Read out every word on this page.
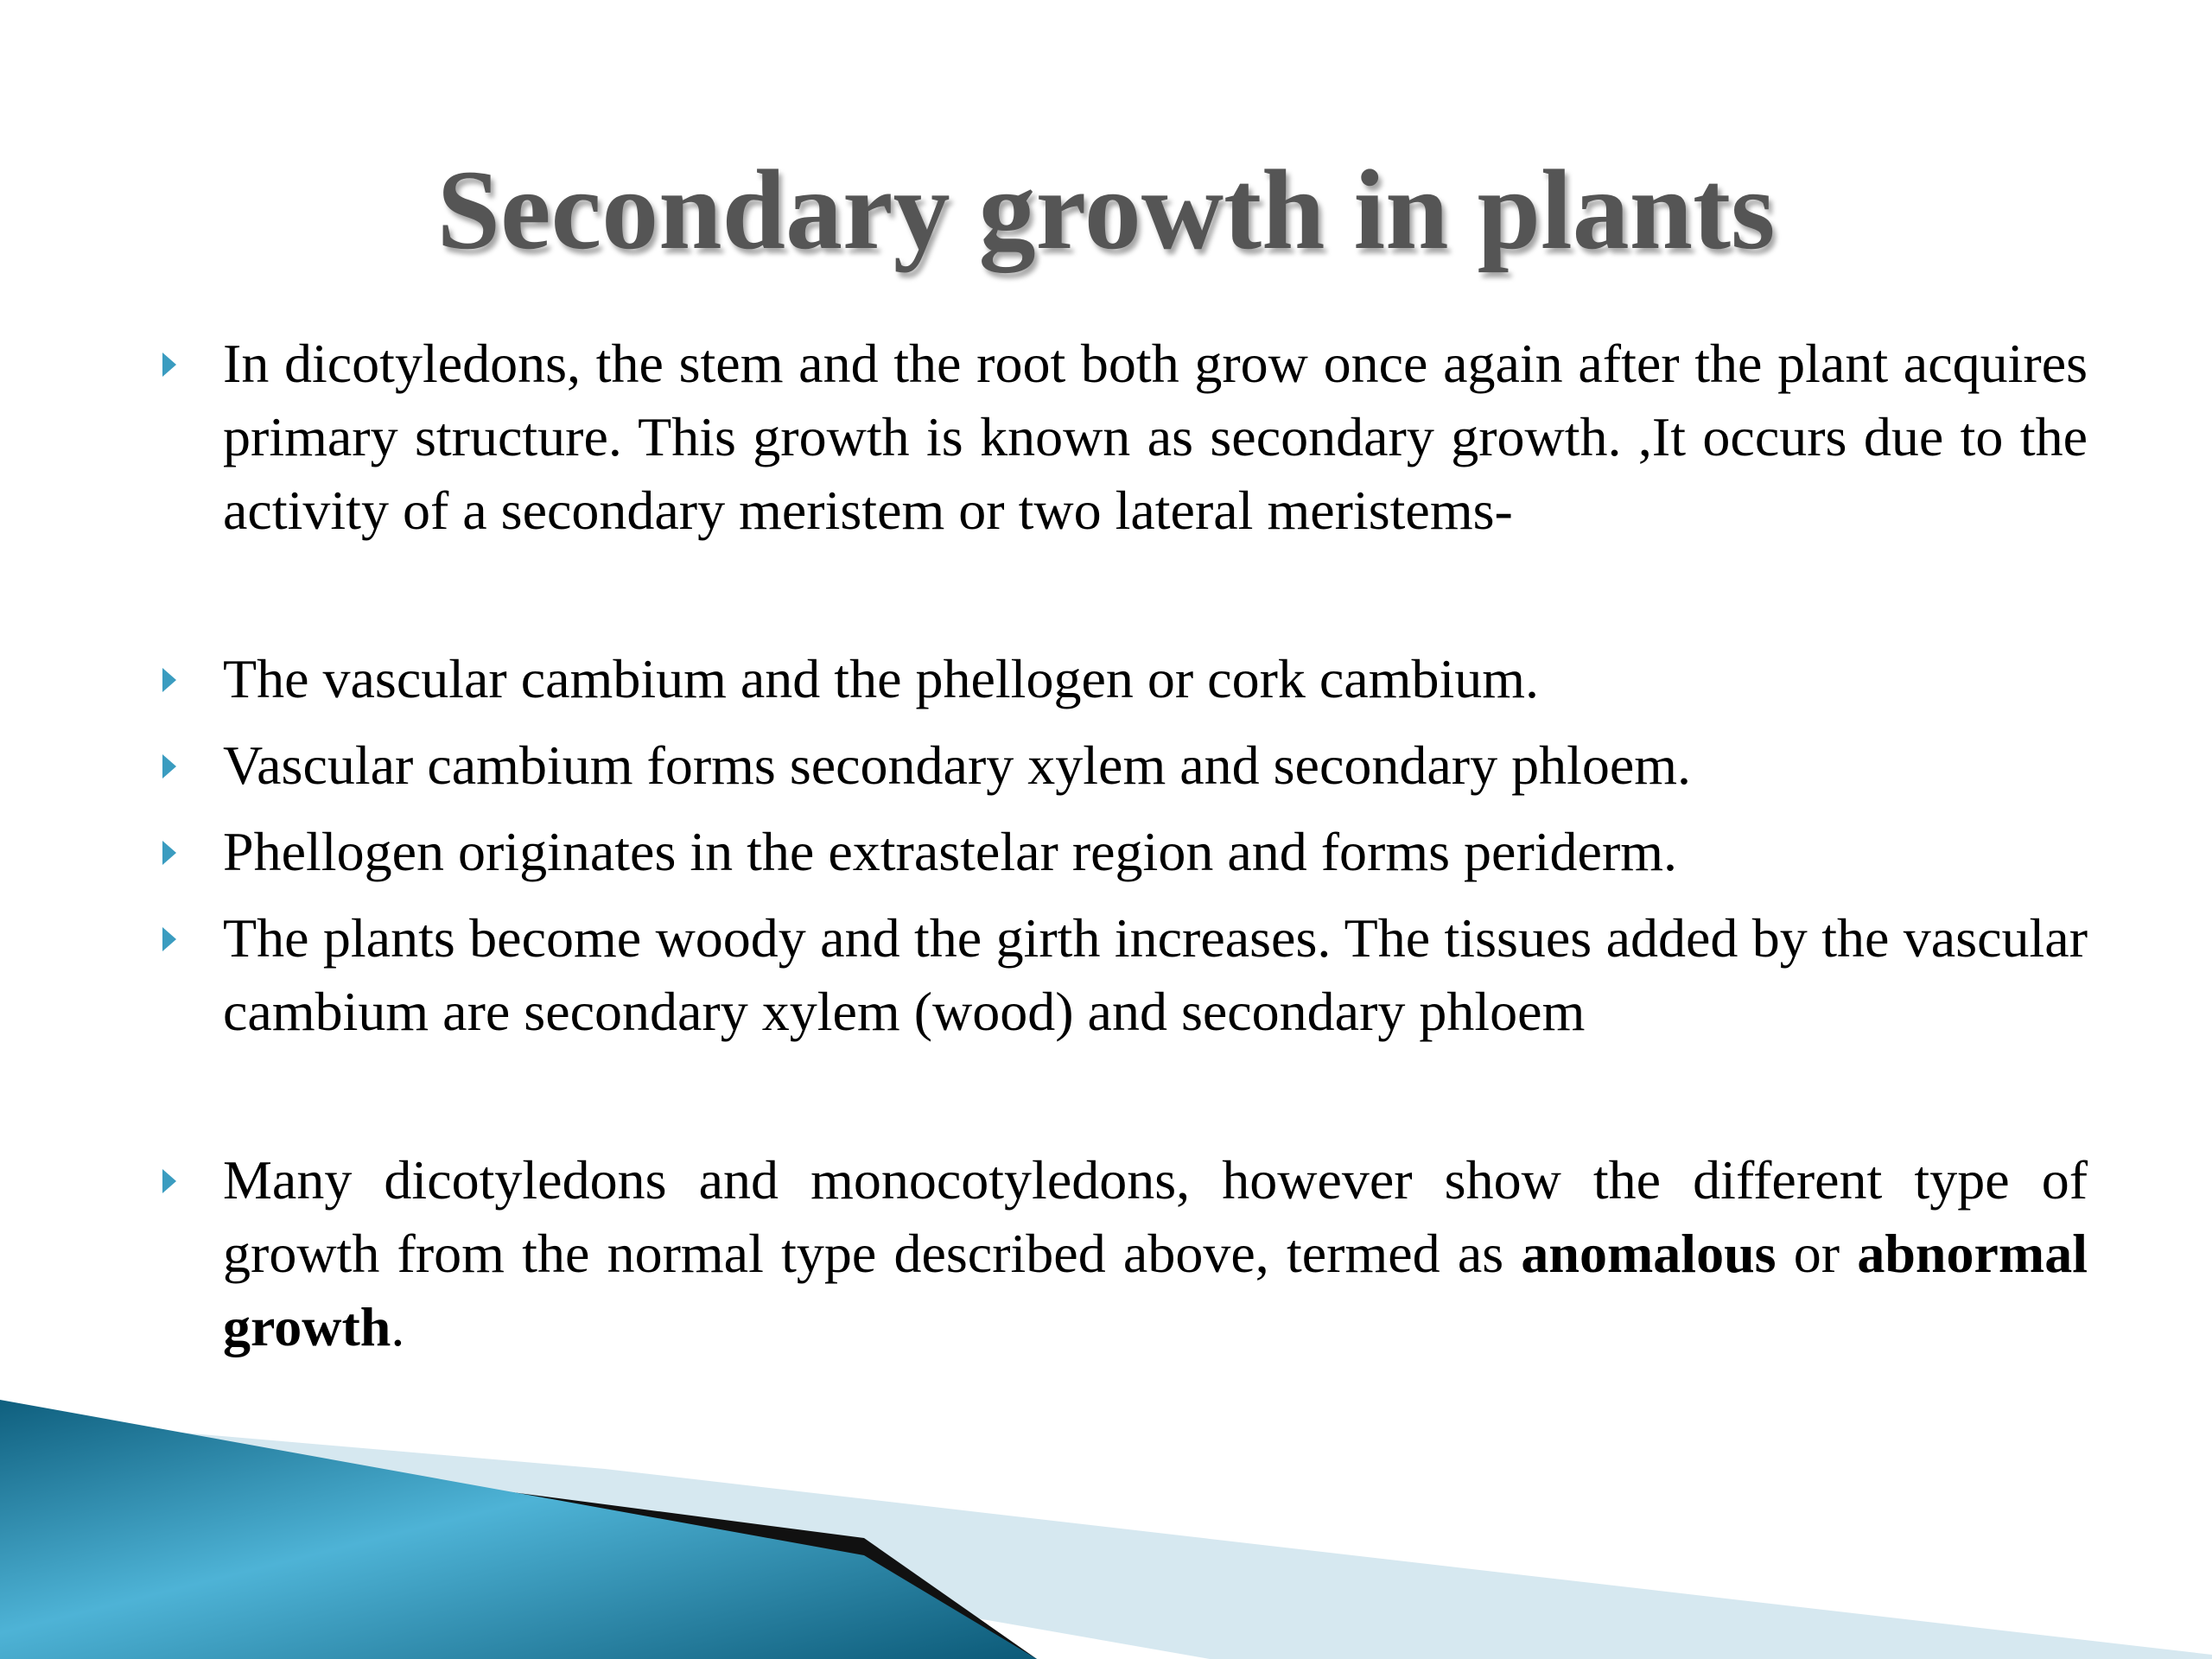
Secondary growth in plants
In dicotyledons, the stem and the root both grow once again after the plant acquires primary structure. This growth is known as secondary growth. ,It occurs due to the activity of a secondary meristem or two lateral meristems-
The vascular cambium and the phellogen or cork cambium.
Vascular cambium forms secondary xylem and secondary phloem.
Phellogen originates in the extrastelar region and forms periderm.
The plants become woody and the girth increases. The tissues added by the vascular cambium are secondary xylem (wood) and secondary phloem
Many dicotyledons and monocotyledons, however show the different type of growth from the normal type described above, termed as anomalous or abnormal growth.
